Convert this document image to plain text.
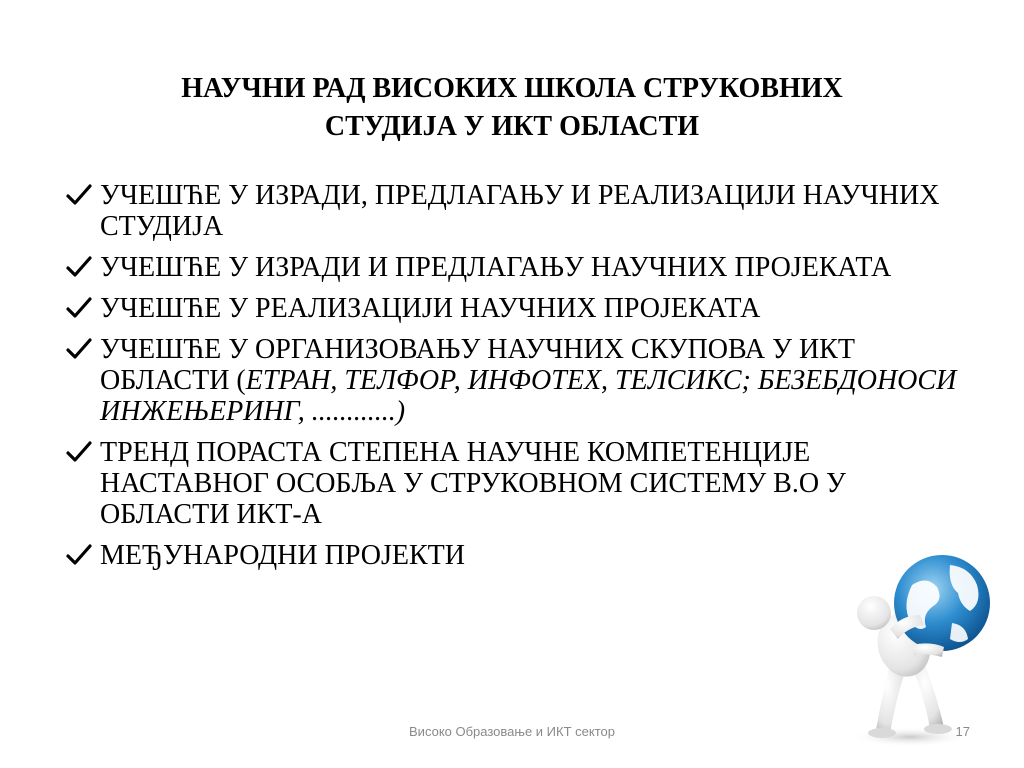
НАУЧНИ РАД ВИСОКИХ ШКОЛА СТРУКОВНИХ
СТУДИЈА У ИКТ ОБЛАСТИ
УЧЕШЋЕ У ИЗРАДИ, ПРЕДЛАГАЊУ И РЕАЛИЗАЦИЈИ НАУЧНИХ СТУДИЈА
УЧЕШЋЕ У ИЗРАДИ И ПРЕДЛАГАЊУ НАУЧНИХ ПРОЈЕКАТА
УЧЕШЋЕ У РЕАЛИЗАЦИЈИ НАУЧНИХ ПРОЈЕКАТА
УЧЕШЋЕ У ОРГАНИЗОВАЊУ НАУЧНИХ СКУПОВА У ИКТ ОБЛАСТИ (ЕТРАН, ТЕЛФОР, ИНФОТЕХ, ТЕЛСИКС; БЕЗЕБДОНОСИ ИНЖЕЊЕРИНГ, ............)
ТРЕНД ПОРАСТА СТЕПЕНА НАУЧНЕ КОМПЕТЕНЦИЈЕ НАСТАВНОГ ОСОБЉА У СТРУКОВНОМ СИСТЕМУ В.О У ОБЛАСТИ ИКТ-А
МЕЂУНАРОДНИ ПРОЈЕКТИ
Високо Образовање и ИКТ сектор	17
